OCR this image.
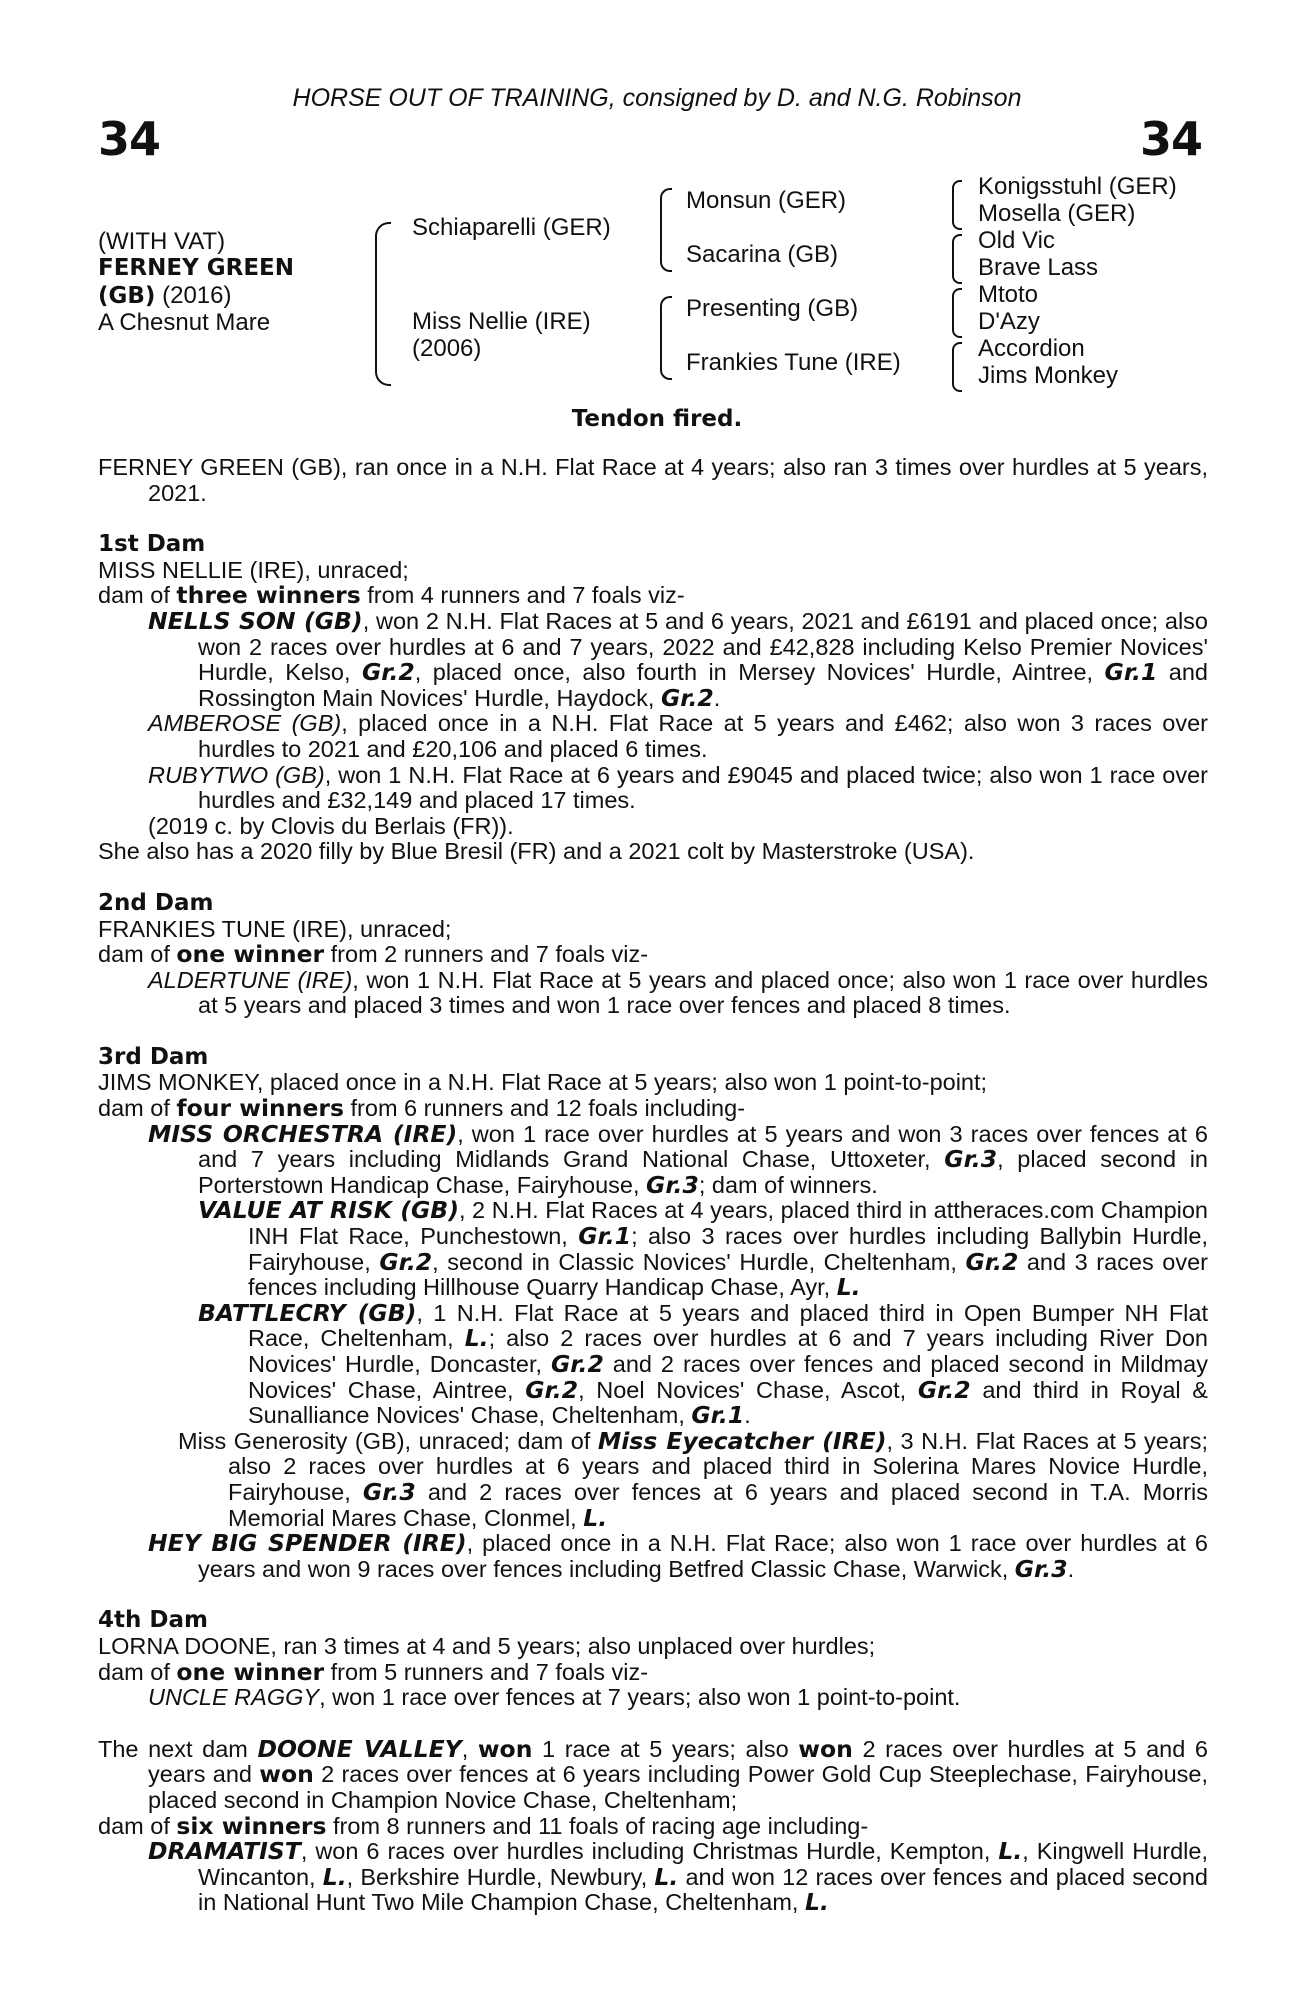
HORSE OUT OF TRAINING, consigned by D. and N.G. Robinson
34	34
(WITH VAT)
FERNEY GREEN
(GB) (2016)
A Chesnut Mare
Schiaparelli (GER)
Miss Nellie (IRE)
(2006)
Monsun (GER)
Sacarina (GB)
Presenting (GB)
Frankies Tune (IRE)
Konigsstuhl (GER)
Mosella (GER)
Old Vic
Brave Lass
Mtoto
D'Azy
Accordion
Jims Monkey
Tendon fired.

FERNEY GREEN (GB), ran once in a N.H. Flat Race at 4 years; also ran 3 times over hurdles at 5 years, 2021.

1st Dam

MISS NELLIE (IRE), unraced;

dam of three winners from 4 runners and 7 foals viz-

NELLS SON (GB), won 2 N.H. Flat Races at 5 and 6 years, 2021 and £6191 and placed once; also won 2 races over hurdles at 6 and 7 years, 2022 and £42,828 including Kelso Premier Novices' Hurdle, Kelso, Gr.2, placed once, also fourth in Mersey Novices' Hurdle, Aintree, Gr.1 and Rossington Main Novices' Hurdle, Haydock, Gr.2.

AMBEROSE (GB), placed once in a N.H. Flat Race at 5 years and £462; also won 3 races over hurdles to 2021 and £20,106 and placed 6 times.

RUBYTWO (GB), won 1 N.H. Flat Race at 6 years and £9045 and placed twice; also won 1 race over hurdles and £32,149 and placed 17 times.

(2019 c. by Clovis du Berlais (FR)).

She also has a 2020 filly by Blue Bresil (FR) and a 2021 colt by Masterstroke (USA).

2nd Dam

FRANKIES TUNE (IRE), unraced;

dam of one winner from 2 runners and 7 foals viz-

ALDERTUNE (IRE), won 1 N.H. Flat Race at 5 years and placed once; also won 1 race over hurdles at 5 years and placed 3 times and won 1 race over fences and placed 8 times.

3rd Dam

JIMS MONKEY, placed once in a N.H. Flat Race at 5 years; also won 1 point-to-point;

dam of four winners from 6 runners and 12 foals including-

MISS ORCHESTRA (IRE), won 1 race over hurdles at 5 years and won 3 races over fences at 6 and 7 years including Midlands Grand National Chase, Uttoxeter, Gr.3, placed second in Porterstown Handicap Chase, Fairyhouse, Gr.3; dam of winners.

VALUE AT RISK (GB), 2 N.H. Flat Races at 4 years, placed third in attheraces.com Champion INH Flat Race, Punchestown, Gr.1; also 3 races over hurdles including Ballybin Hurdle, Fairyhouse, Gr.2, second in Classic Novices' Hurdle, Cheltenham, Gr.2 and 3 races over fences including Hillhouse Quarry Handicap Chase, Ayr, L.

BATTLECRY (GB), 1 N.H. Flat Race at 5 years and placed third in Open Bumper NH Flat Race, Cheltenham, L.; also 2 races over hurdles at 6 and 7 years including River Don Novices' Hurdle, Doncaster, Gr.2 and 2 races over fences and placed second in Mildmay Novices' Chase, Aintree, Gr.2, Noel Novices' Chase, Ascot, Gr.2 and third in Royal & Sunalliance Novices' Chase, Cheltenham, Gr.1.

Miss Generosity (GB), unraced; dam of Miss Eyecatcher (IRE), 3 N.H. Flat Races at 5 years; also 2 races over hurdles at 6 years and placed third in Solerina Mares Novice Hurdle, Fairyhouse, Gr.3 and 2 races over fences at 6 years and placed second in T.A. Morris Memorial Mares Chase, Clonmel, L.

HEY BIG SPENDER (IRE), placed once in a N.H. Flat Race; also won 1 race over hurdles at 6 years and won 9 races over fences including Betfred Classic Chase, Warwick, Gr.3.

4th Dam

LORNA DOONE, ran 3 times at 4 and 5 years; also unplaced over hurdles;

dam of one winner from 5 runners and 7 foals viz-

UNCLE RAGGY, won 1 race over fences at 7 years; also won 1 point-to-point.

The next dam DOONE VALLEY, won 1 race at 5 years; also won 2 races over hurdles at 5 and 6 years and won 2 races over fences at 6 years including Power Gold Cup Steeplechase, Fairyhouse, placed second in Champion Novice Chase, Cheltenham;

dam of six winners from 8 runners and 11 foals of racing age including-

DRAMATIST, won 6 races over hurdles including Christmas Hurdle, Kempton, L., Kingwell Hurdle, Wincanton, L., Berkshire Hurdle, Newbury, L. and won 12 races over fences and placed second in National Hunt Two Mile Champion Chase, Cheltenham, L.
